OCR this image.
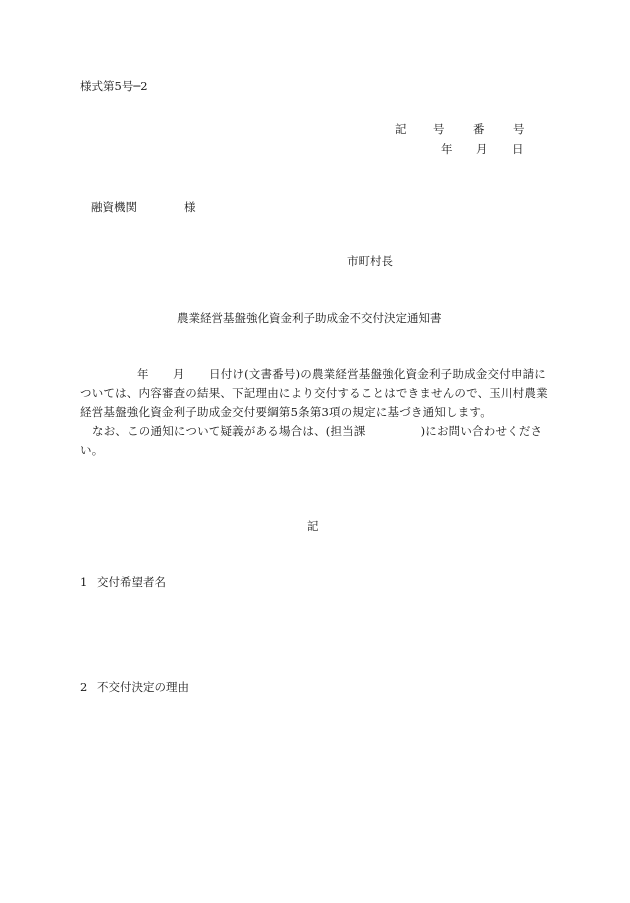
様式第5号─2
記 号 番 号
年 月 日
融資機関	様
市町村長
農業経営基盤強化資金利子助成金不交付決定通知書

年 月 日付け(文書番号)の農業経営基盤強化資金利子助成金交付申請に

ついては、内容審査の結果、下記理由により交付することはできませんので、玉川村農業

経営基盤強化資金利子助成金交付要綱第5条第3項の規定に基づき通知します。

なお、この通知について疑義がある場合は、(担当課	)にお問い合わせくださ

い。

記
1 交付希望者名
2 不交付決定の理由
